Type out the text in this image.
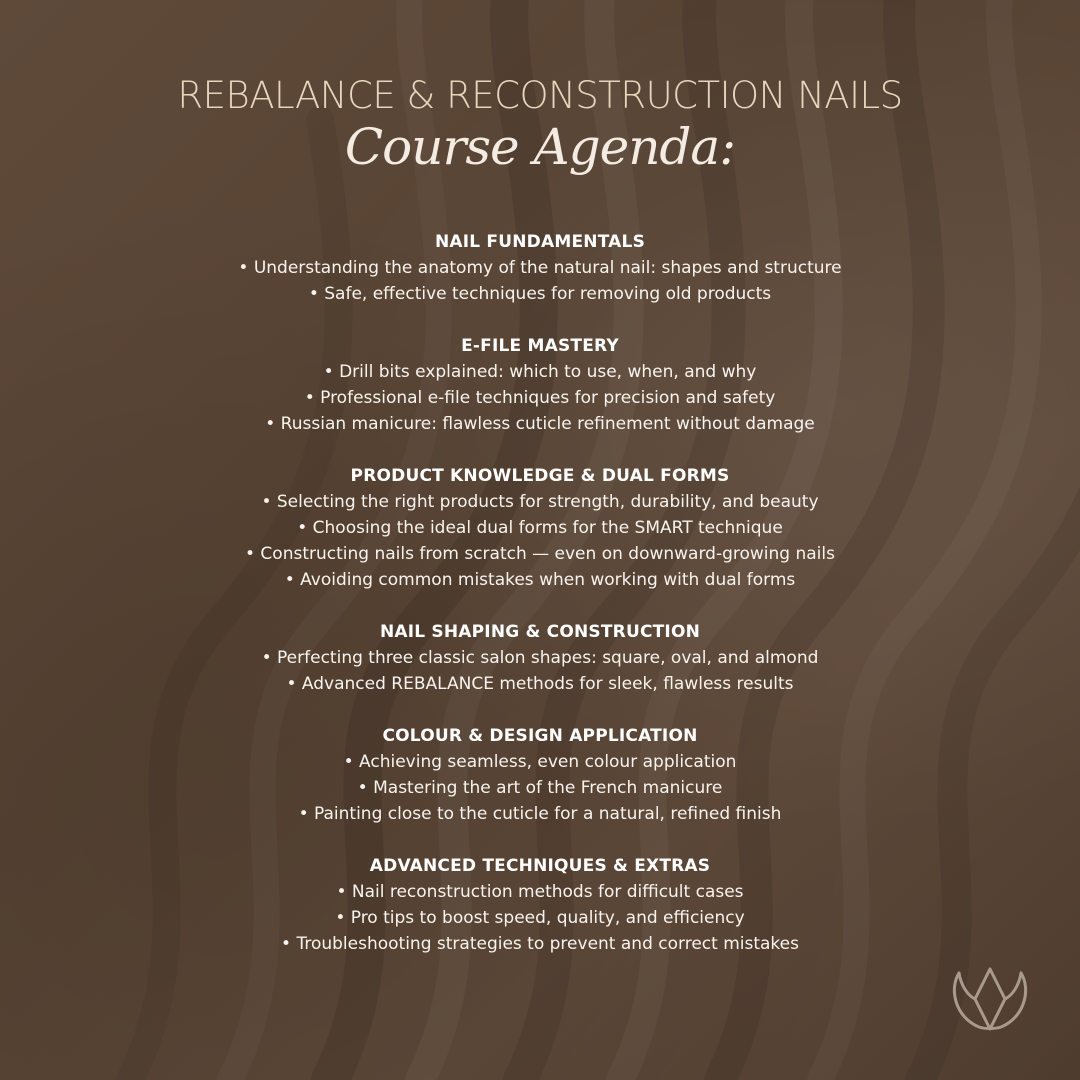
REBALANCE & RECONSTRUCTION NAILS
Course Agenda:
NAIL FUNDAMENTALS
• Understanding the anatomy of the natural nail: shapes and structure
• Safe, effective techniques for removing old products
E-FILE MASTERY
• Drill bits explained: which to use, when, and why
• Professional e-file techniques for precision and safety
• Russian manicure: flawless cuticle refinement without damage
PRODUCT KNOWLEDGE & DUAL FORMS
• Selecting the right products for strength, durability, and beauty
• Choosing the ideal dual forms for the SMART technique
• Constructing nails from scratch — even on downward-growing nails
• Avoiding common mistakes when working with dual forms
NAIL SHAPING & CONSTRUCTION
• Perfecting three classic salon shapes: square, oval, and almond
• Advanced REBALANCE methods for sleek, flawless results
COLOUR & DESIGN APPLICATION
• Achieving seamless, even colour application
• Mastering the art of the French manicure
• Painting close to the cuticle for a natural, refined finish
ADVANCED TECHNIQUES & EXTRAS
• Nail reconstruction methods for difficult cases
• Pro tips to boost speed, quality, and efficiency
• Troubleshooting strategies to prevent and correct mistakes
